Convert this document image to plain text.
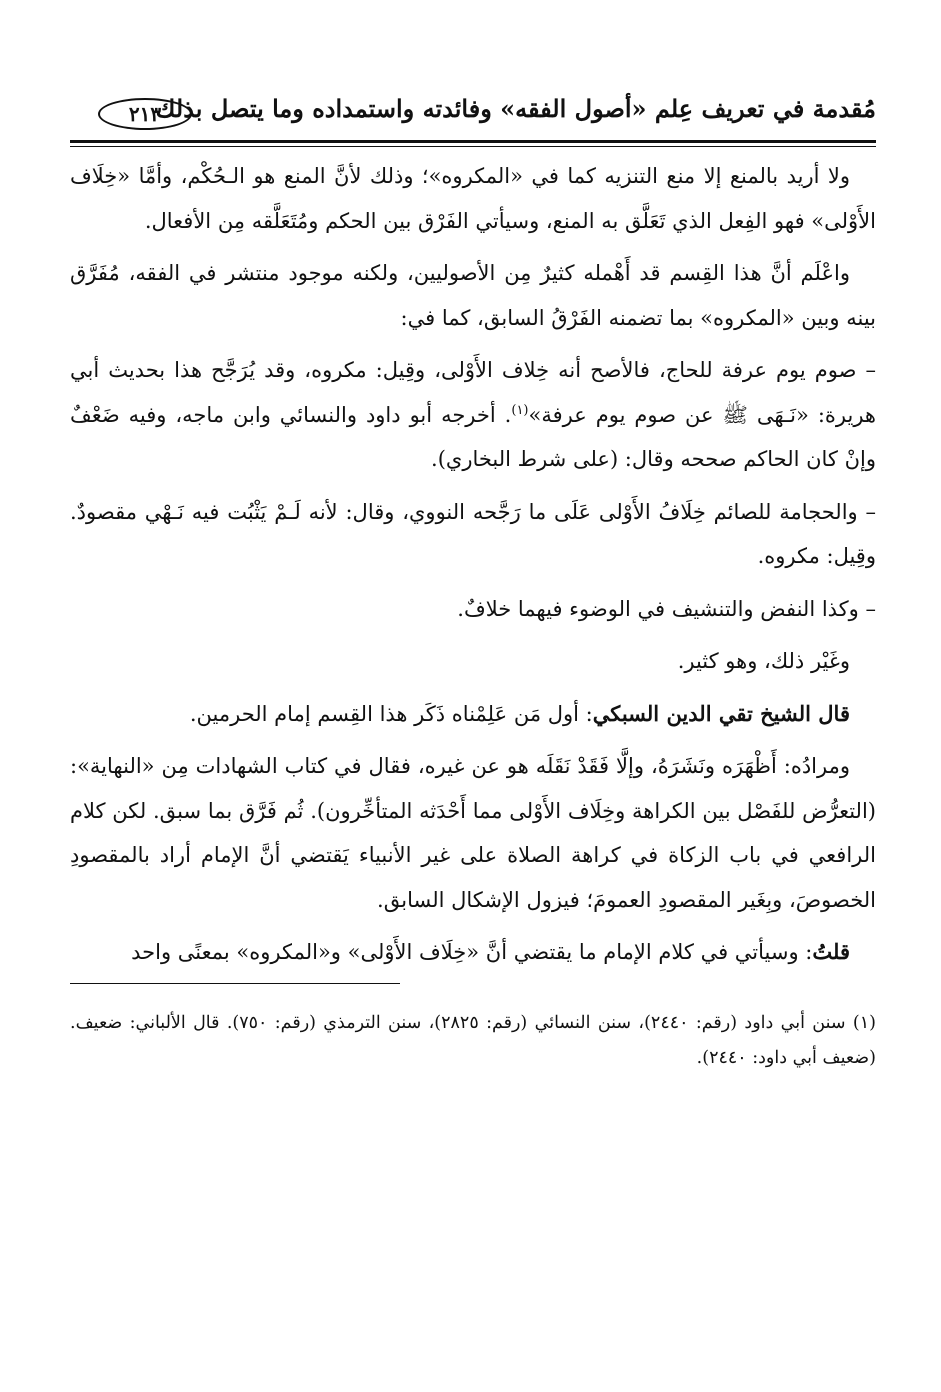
مُقدمة في تعريف عِلم «أصول الفقه» وفائدته واستمداده وما يتصل بذلك
٢١٣

ولا أريد بالمنع إلا منع التنزيه كما في «المكروه»؛ وذلك لأنَّ المنع هو الـحُكْم، وأمَّا «خِلَاف الأَوْلى» فهو الفِعل الذي تَعَلَّق به المنع، وسيأتي الفَرْق بين الحكم ومُتَعَلَّقه مِن الأفعال.

واعْلَم أنَّ هذا القِسم قد أَهْمله كثيرٌ مِن الأصوليين، ولكنه موجود منتشر في الفقه، مُفَرَّق بينه وبين «المكروه» بما تضمنه الفَرْقُ السابق، كما في:

– صوم يوم عرفة للحاج، فالأصح أنه خِلاف الأَوْلى، وقِيل: مكروه، وقد يُرَجَّح هذا بحديث أبي هريرة: «نَـهَى ﷺ عن صوم يوم عرفة»$^{(١)}$. أخرجه أبو داود والنسائي وابن ماجه، وفيه ضَعْفٌ وإنْ كان الحاكم صححه وقال: (على شرط البخاري).

– والحجامة للصائم خِلَافُ الأَوْلى عَلَى ما رَجَّحه النووي، وقال: لأنه لَـمْ يَثْبُت فيه نَـهْي مقصودٌ. وقِيل: مكروه.

– وكذا النفض والتنشيف في الوضوء فيهما خلافٌ.

وغَيْر ذلك، وهو كثير.

قال الشيخ تقي الدين السبكي: أول مَن عَلِمْناه ذَكَر هذا القِسم إمام الحرمين.

ومرادُه: أَظْهَرَه ونَشَرَهُ، وإلَّا فَقَدْ نَقَلَه هو عن غيره، فقال في كتاب الشهادات مِن «النهاية»: (التعرُّض للفَصْل بين الكراهة وخِلَاف الأَوْلى مما أَحْدَثه المتأخِّرون). ثُم فَرَّق بما سبق. لكن كلام الرافعي في باب الزكاة في كراهة الصلاة على غير الأنبياء يَقتضي أنَّ الإمام أراد بالمقصودِ الخصوصَ، وبِغَير المقصودِ العمومَ؛ فيزول الإشكال السابق.

قلتُ: وسيأتي في كلام الإمام ما يقتضي أنَّ «خِلَاف الأَوْلى» و«المكروه» بمعنًى واحد

(١) سنن أبي داود (رقم: ٢٤٤٠)، سنن النسائي (رقم: ٢٨٢٥)، سنن الترمذي (رقم: ٧٥٠). قال الألباني: ضعيف. (ضعيف أبي داود: ٢٤٤٠).
